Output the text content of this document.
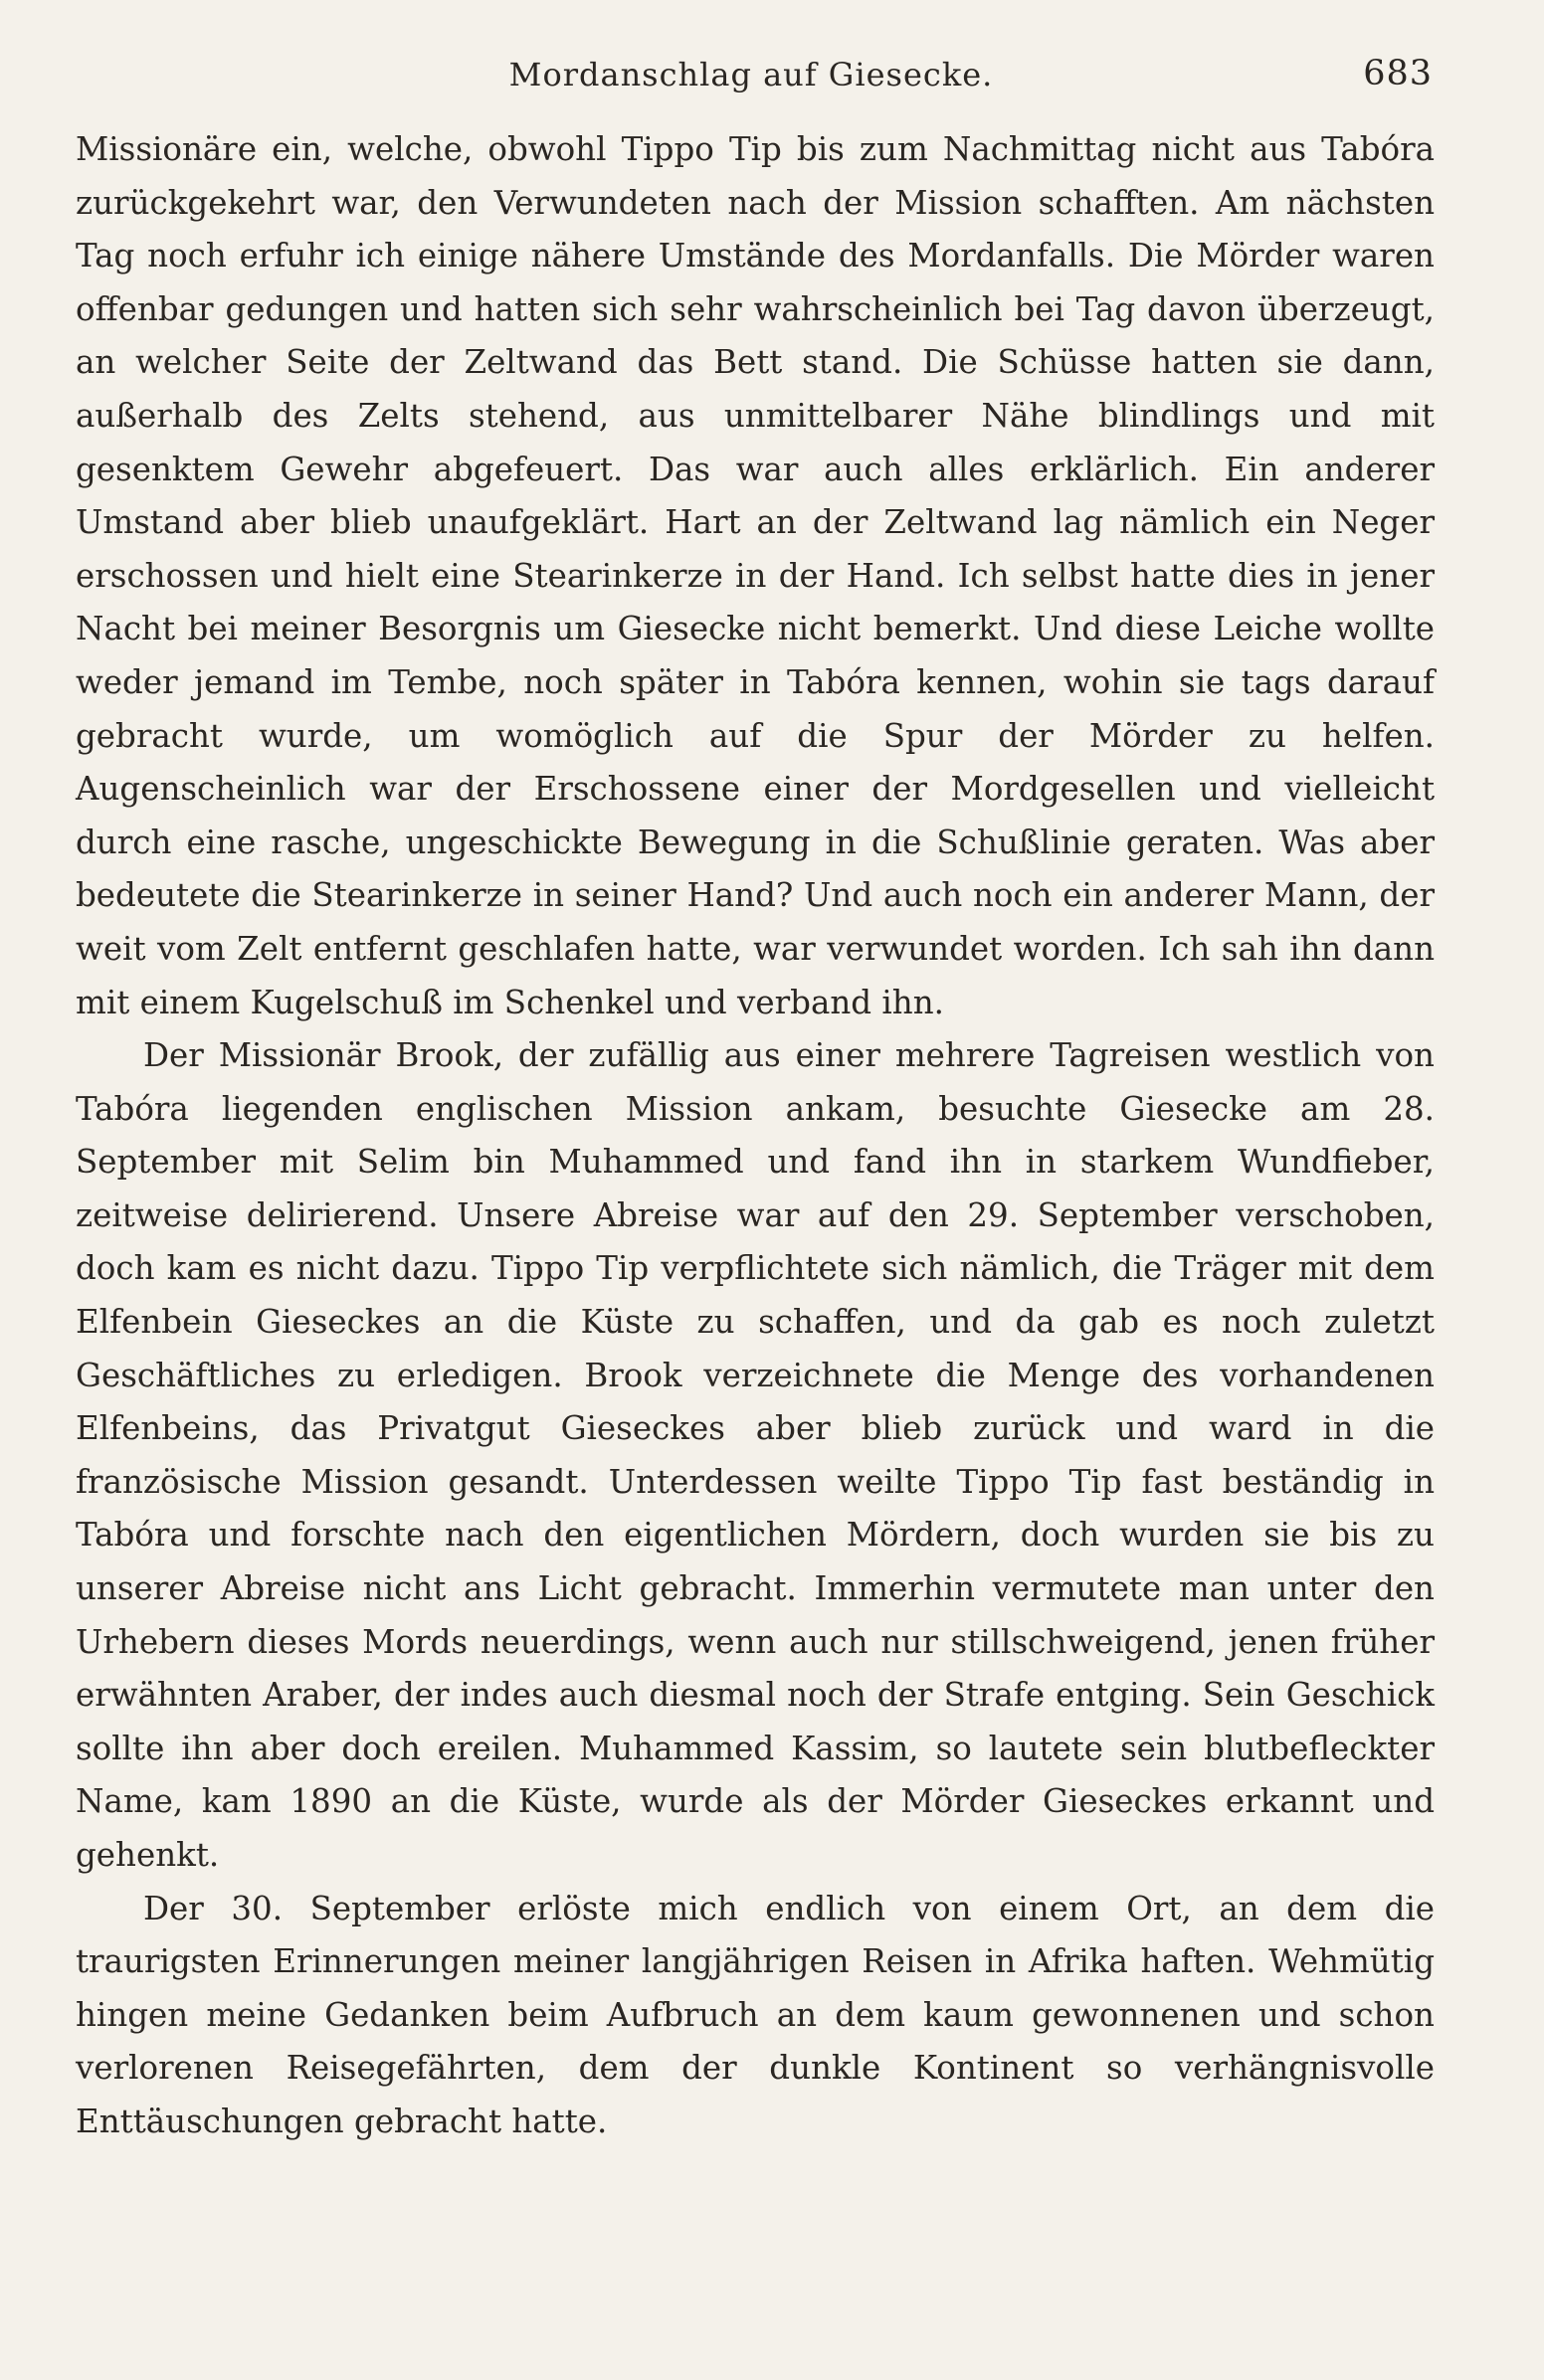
Mordanschlag auf Giesecke.	683

Missionäre ein, welche, obwohl Tippo Tip bis zum Nachmittag nicht aus Tabóra zurückgekehrt war, den Verwundeten nach der Mission schafften. Am nächsten Tag noch erfuhr ich einige nähere Umstände des Mordanfalls. Die Mörder waren offenbar gedungen und hatten sich sehr wahrscheinlich bei Tag davon überzeugt, an welcher Seite der Zeltwand das Bett stand. Die Schüsse hatten sie dann, außerhalb des Zelts stehend, aus unmittelbarer Nähe blindlings und mit gesenktem Gewehr abgefeuert. Das war auch alles erklärlich. Ein anderer Umstand aber blieb unaufgeklärt. Hart an der Zeltwand lag nämlich ein Neger erschossen und hielt eine Stearinkerze in der Hand. Ich selbst hatte dies in jener Nacht bei meiner Besorgnis um Giesecke nicht bemerkt. Und diese Leiche wollte weder jemand im Tembe, noch später in Tabóra kennen, wohin sie tags darauf gebracht wurde, um womöglich auf die Spur der Mörder zu helfen. Augenscheinlich war der Erschossene einer der Mordgesellen und vielleicht durch eine rasche, ungeschickte Bewegung in die Schußlinie geraten. Was aber bedeutete die Stearinkerze in seiner Hand? Und auch noch ein anderer Mann, der weit vom Zelt entfernt geschlafen hatte, war verwundet worden. Ich sah ihn dann mit einem Kugelschuß im Schenkel und verband ihn.

Der Missionär Brook, der zufällig aus einer mehrere Tagreisen westlich von Tabóra liegenden englischen Mission ankam, besuchte Giesecke am 28. September mit Selim bin Muhammed und fand ihn in starkem Wundfieber, zeitweise delirierend. Unsere Abreise war auf den 29. September verschoben, doch kam es nicht dazu. Tippo Tip verpflichtete sich nämlich, die Träger mit dem Elfenbein Gieseckes an die Küste zu schaffen, und da gab es noch zuletzt Geschäftliches zu erledigen. Brook verzeichnete die Menge des vorhandenen Elfenbeins, das Privatgut Gieseckes aber blieb zurück und ward in die französische Mission gesandt. Unterdessen weilte Tippo Tip fast beständig in Tabóra und forschte nach den eigentlichen Mördern, doch wurden sie bis zu unserer Abreise nicht ans Licht gebracht. Immerhin vermutete man unter den Urhebern dieses Mords neuerdings, wenn auch nur stillschweigend, jenen früher erwähnten Araber, der indes auch diesmal noch der Strafe entging. Sein Geschick sollte ihn aber doch ereilen. Muhammed Kassim, so lautete sein blutbefleckter Name, kam 1890 an die Küste, wurde als der Mörder Gieseckes erkannt und gehenkt.

Der 30. September erlöste mich endlich von einem Ort, an dem die traurigsten Erinnerungen meiner langjährigen Reisen in Afrika haften. Wehmütig hingen meine Gedanken beim Aufbruch an dem kaum gewonnenen und schon verlorenen Reisegefährten, dem der dunkle Kontinent so verhängnisvolle Enttäuschungen gebracht hatte.
